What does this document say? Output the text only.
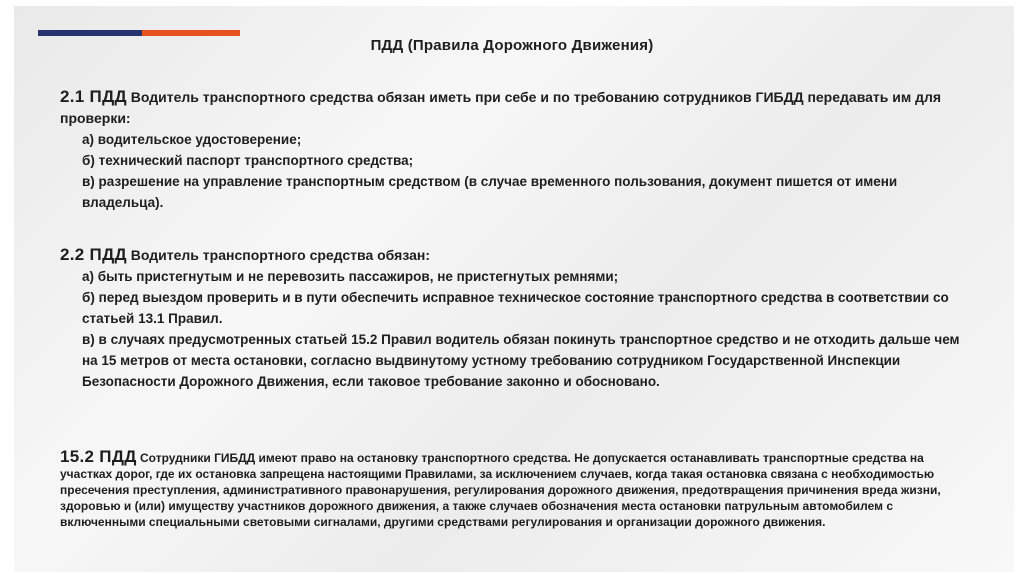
ПДД (Правила Дорожного Движения)
2.1 ПДД Водитель транспортного средства обязан иметь при себе и по требованию сотрудников ГИБДД передавать им для проверки:
а) водительское удостоверение;
б) технический паспорт транспортного средства;
в) разрешение на управление транспортным средством (в случае временного пользования, документ пишется от имени владельца).
2.2 ПДД Водитель транспортного средства обязан:
а) быть пристегнутым и не перевозить пассажиров, не пристегнутых ремнями;
б) перед выездом проверить и в пути обеспечить исправное техническое состояние транспортного средства в соответствии со статьей 13.1 Правил.
в) в случаях предусмотренных статьей 15.2 Правил водитель обязан покинуть транспортное средство и не отходить дальше чем на 15 метров от места остановки, согласно выдвинутому устному требованию сотрудником Государственной Инспекции Безопасности Дорожного Движения, если таковое требование законно и обосновано.
15.2 ПДД Сотрудники ГИБДД имеют право на остановку транспортного средства. Не допускается останавливать транспортные средства на участках дорог, где их остановка запрещена настоящими Правилами, за исключением случаев, когда такая остановка связана с необходимостью пресечения преступления, административного правонарушения, регулирования дорожного движения, предотвращения причинения вреда жизни, здоровью и (или) имуществу участников дорожного движения, а также случаев обозначения места остановки патрульным автомобилем с включенными специальными световыми сигналами, другими средствами регулирования и организации дорожного движения.
